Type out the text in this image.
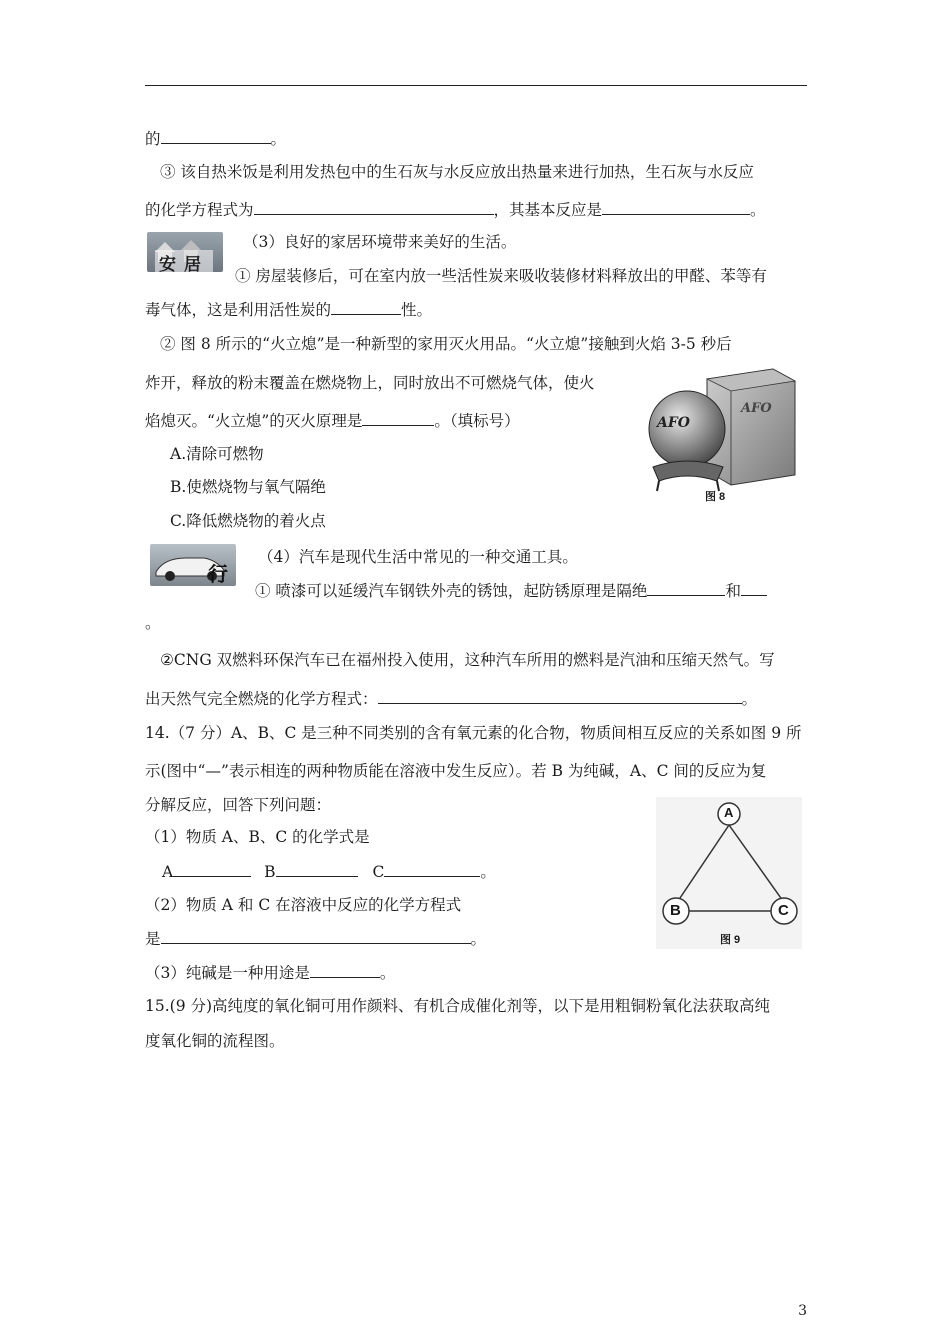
的	。
③ 该自热米饭是利用发热包中的生石灰与水反应放出热量来进行加热，生石灰与水反应
的化学方程式为	，其基本反应是	。
安居
（3）良好的家居环境带来美好的生活。
① 房屋装修后，可在室内放一些活性炭来吸收装修材料释放出的甲醛、苯等有
毒气体，这是利用活性炭的	性。
② 图 8 所示的“火立熄”是一种新型的家用灭火用品。“火立熄”接触到火焰 3-5 秒后
炸开，释放的粉末覆盖在燃烧物上，同时放出不可燃烧气体，使火
焰熄灭。“火立熄”的灭火原理是	。（填标号）
A.清除可燃物
B.使燃烧物与氧气隔绝
C.降低燃烧物的着火点
AFO
AFO
图 8
行
（4）汽车是现代生活中常见的一种交通工具。
① 喷漆可以延缓汽车钢铁外壳的锈蚀，起防锈原理是隔绝	和
。
②CNG 双燃料环保汽车已在福州投入使用，这种汽车所用的燃料是汽油和压缩天然气。写
出天然气完全燃烧的化学方程式：	。
14.（7 分）A、B、C 是三种不同类别的含有氧元素的化合物，物质间相互反应的关系如图 9 所
示(图中“—”表示相连的两种物质能在溶液中发生反应）。若 B 为纯碱，A、C 间的反应为复
分解反应，回答下列问题：
（1）物质 A、B、C 的化学式是
A	B	C	。
（2）物质 A 和 C 在溶液中反应的化学方程式
是	。
（3）纯碱是一种用途是	。
A
B	C
图 9
15.(9 分)高纯度的氧化铜可用作颜料、有机合成催化剂等，以下是用粗铜粉氧化法获取高纯
度氧化铜的流程图。
3
